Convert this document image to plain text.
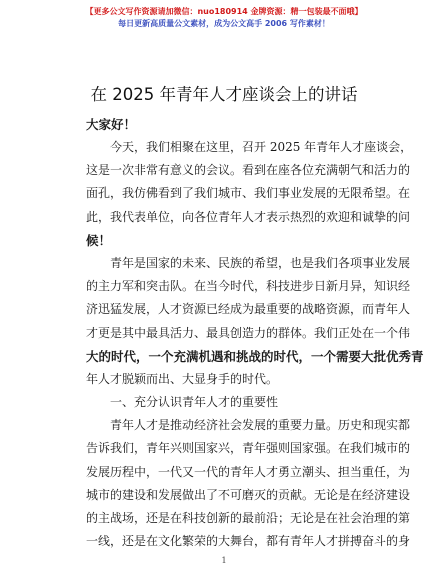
【更多公文写作资源请加微信：nuo180914 金牌资源：精一包装最不面哦】
每日更新高质量公文素材，成为公文高手 2006 写作素材！
在 2025 年青年人才座谈会上的讲话
大家好！
今天，我们相聚在这里，召开 2025 年青年人才座谈会，
这是一次非常有意义的会议。看到在座各位充满朝气和活力的
面孔，我仿佛看到了我们城市、我们事业发展的无限希望。在
此，我代表单位，向各位青年人才表示热烈的欢迎和诚挚的问
候！
青年是国家的未来、民族的希望，也是我们各项事业发展
的主力军和突击队。在当今时代，科技进步日新月异，知识经
济迅猛发展，人才资源已经成为最重要的战略资源，而青年人
才更是其中最具活力、最具创造力的群体。我们正处在一个伟
大的时代，一个充满机遇和挑战的时代，一个需要大批优秀青
年人才脱颖而出、大显身手的时代。
一、充分认识青年人才的重要性
青年人才是推动经济社会发展的重要力量。历史和现实都
告诉我们，青年兴则国家兴，青年强则国家强。在我们城市的
发展历程中，一代又一代的青年人才勇立潮头、担当重任，为
城市的建设和发展做出了不可磨灭的贡献。无论是在经济建设
的主战场，还是在科技创新的最前沿；无论是在社会治理的第
一线，还是在文化繁荣的大舞台，都有青年人才拼搏奋斗的身
1
